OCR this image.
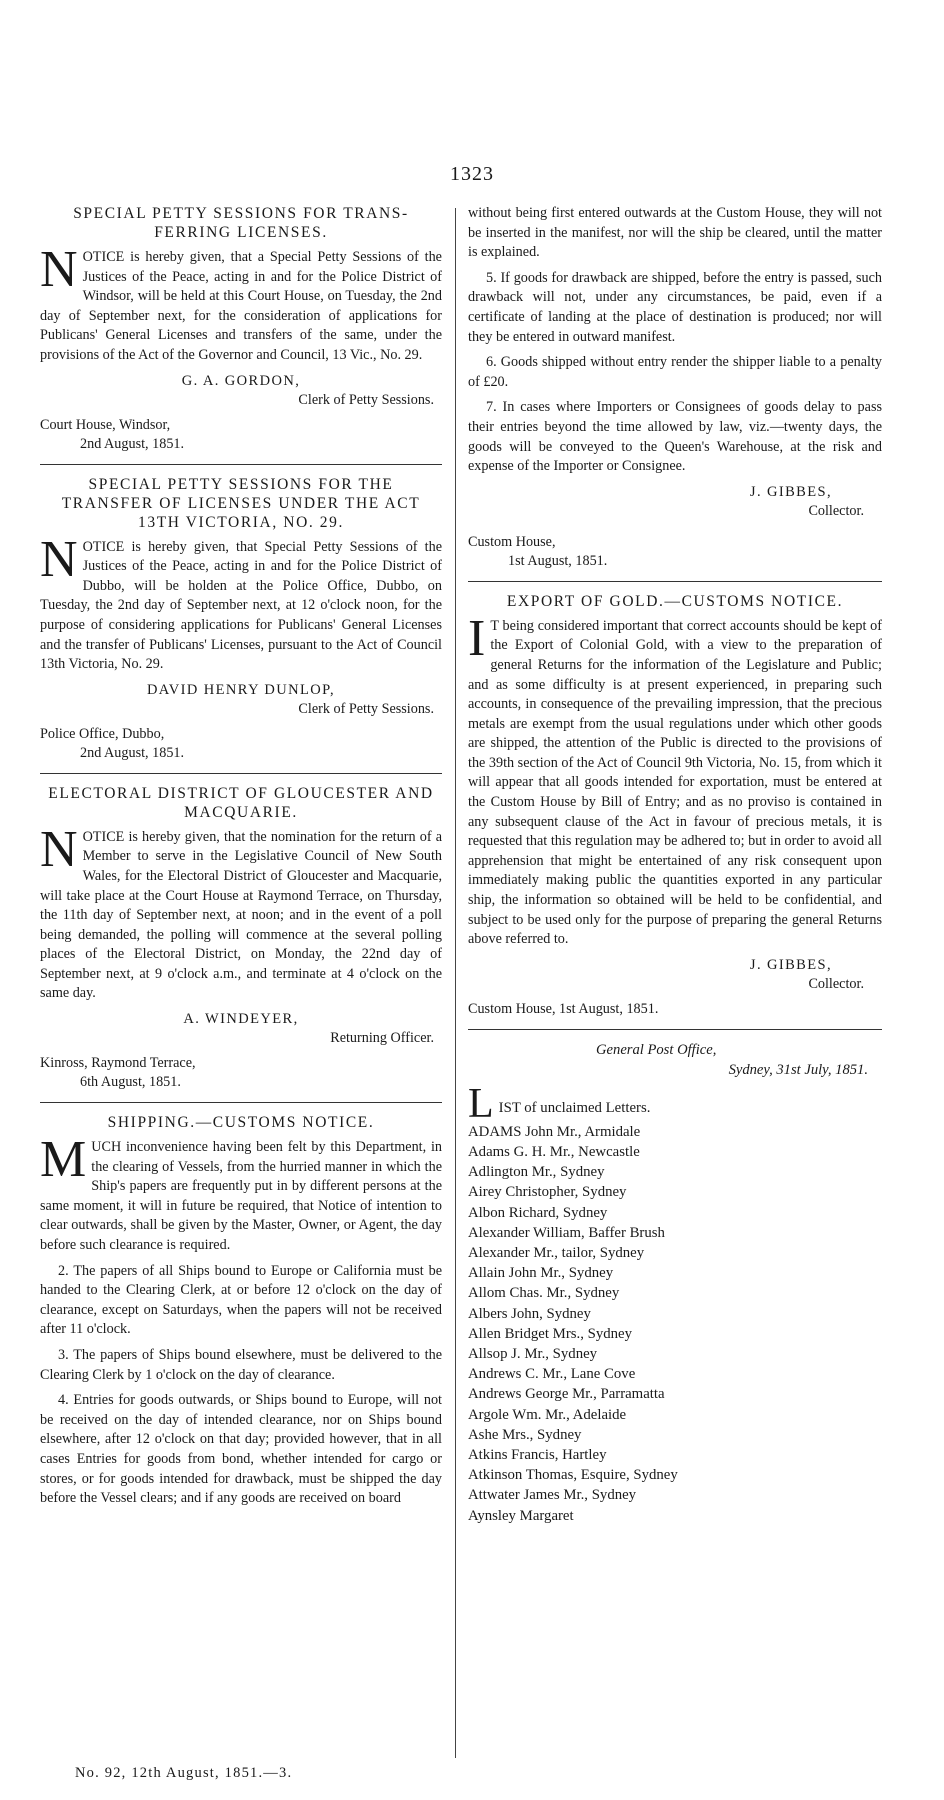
1323
SPECIAL PETTY SESSIONS FOR TRANS-FERRING LICENSES.

NOTICE is hereby given, that a Special Petty Sessions of the Justices of the Peace, acting in and for the Police District of Windsor, will be held at this Court House, on Tuesday, the 2nd day of September next, for the consideration of applications for Publicans' General Licenses and transfers of the same, under the provisions of the Act of the Governor and Council, 13 Vic., No. 29.

G. A. GORDON,
Clerk of Petty Sessions.
Court House, Windsor,
2nd August, 1851.
SPECIAL PETTY SESSIONS FOR THE TRANSFER OF LICENSES UNDER THE ACT 13TH VICTORIA, NO. 29.

NOTICE is hereby given, that Special Petty Sessions of the Justices of the Peace, acting in and for the Police District of Dubbo, will be holden at the Police Office, Dubbo, on Tuesday, the 2nd day of September next, at 12 o'clock noon, for the purpose of considering applications for Publicans' General Licenses and the transfer of Publicans' Licenses, pursuant to the Act of Council 13th Victoria, No. 29.

DAVID HENRY DUNLOP,
Clerk of Petty Sessions.
Police Office, Dubbo,
2nd August, 1851.
ELECTORAL DISTRICT OF GLOUCESTER AND MACQUARIE.

NOTICE is hereby given, that the nomination for the return of a Member to serve in the Legislative Council of New South Wales, for the Electoral District of Gloucester and Macquarie, will take place at the Court House at Raymond Terrace, on Thursday, the 11th day of September next, at noon; and in the event of a poll being demanded, the polling will commence at the several polling places of the Electoral District, on Monday, the 22nd day of September next, at 9 o'clock a.m., and terminate at 4 o'clock on the same day.

A. WINDEYER,
Returning Officer.
Kinross, Raymond Terrace,
6th August, 1851.
SHIPPING.—CUSTOMS NOTICE.

MUCH inconvenience having been felt by this Department, in the clearing of Vessels, from the hurried manner in which the Ship's papers are frequently put in by different persons at the same moment, it will in future be required, that Notice of intention to clear outwards, shall be given by the Master, Owner, or Agent, the day before such clearance is required.

2. The papers of all Ships bound to Europe or California must be handed to the Clearing Clerk, at or before 12 o'clock on the day of clearance, except on Saturdays, when the papers will not be received after 11 o'clock.

3. The papers of Ships bound elsewhere, must be delivered to the Clearing Clerk by 1 o'clock on the day of clearance.

4. Entries for goods outwards, or Ships bound to Europe, will not be received on the day of intended clearance, nor on Ships bound elsewhere, after 12 o'clock on that day; provided however, that in all cases Entries for goods from bond, whether intended for cargo or stores, or for goods intended for drawback, must be shipped the day before the Vessel clears; and if any goods are received on board

without being first entered outwards at the Custom House, they will not be inserted in the manifest, nor will the ship be cleared, until the matter is explained.

5. If goods for drawback are shipped, before the entry is passed, such drawback will not, under any circumstances, be paid, even if a certificate of landing at the place of destination is produced; nor will they be entered in outward manifest.

6. Goods shipped without entry render the shipper liable to a penalty of £20.

7. In cases where Importers or Consignees of goods delay to pass their entries beyond the time allowed by law, viz.—twenty days, the goods will be conveyed to the Queen's Warehouse, at the risk and expense of the Importer or Consignee.

J. GIBBES,
Collector.
Custom House,
1st August, 1851.
EXPORT OF GOLD.—CUSTOMS NOTICE.

I T being considered important that correct accounts should be kept of the Export of Colonial Gold, with a view to the preparation of general Returns for the information of the Legislature and Public; and as some difficulty is at present experienced, in preparing such accounts, in consequence of the prevailing impression, that the precious metals are exempt from the usual regulations under which other goods are shipped, the attention of the Public is directed to the provisions of the 39th section of the Act of Council 9th Victoria, No. 15, from which it will appear that all goods intended for exportation, must be entered at the Custom House by Bill of Entry; and as no proviso is contained in any subsequent clause of the Act in favour of precious metals, it is requested that this regulation may be adhered to; but in order to avoid all apprehension that might be entertained of any risk consequent upon immediately making public the quantities exported in any particular ship, the information so obtained will be held to be confidential, and subject to be used only for the purpose of preparing the general Returns above referred to.

J. GIBBES,
Collector.
Custom House, 1st August, 1851.
General Post Office,
Sydney, 31st July, 1851.
L IST of unclaimed Letters.
ADAMS John Mr., Armidale
Adams G. H. Mr., Newcastle
Adlington Mr., Sydney
Airey Christopher, Sydney
Albon Richard, Sydney
Alexander William, Baffer Brush
Alexander Mr., tailor, Sydney
Allain John Mr., Sydney
Allom Chas. Mr., Sydney
Albers John, Sydney
Allen Bridget Mrs., Sydney
Allsop J. Mr., Sydney
Andrews C. Mr., Lane Cove
Andrews George Mr., Parramatta
Argole Wm. Mr., Adelaide
Ashe Mrs., Sydney
Atkins Francis, Hartley
Atkinson Thomas, Esquire, Sydney
Attwater James Mr., Sydney
Aynsley Margaret
No. 92, 12th August, 1851.—3.
